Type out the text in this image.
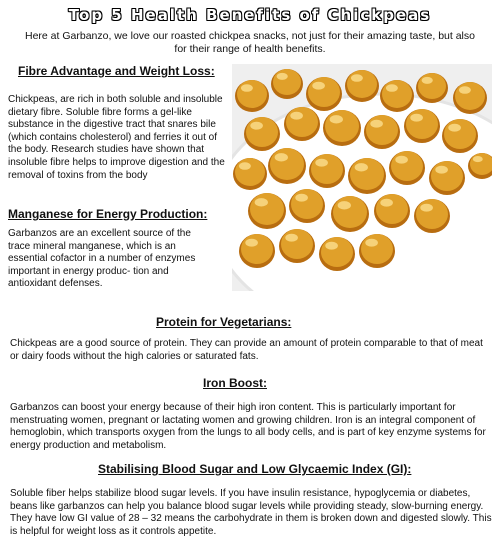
Top 5 Health Benefits of Chickpeas
Here at Garbanzo, we love our roasted chickpea snacks, not just for their amazing taste, but also for their range of health benefits.
Fibre Advantage and Weight Loss:
Chickpeas, are rich in both soluble and insoluble dietary fibre. Soluble fibre forms a gel-like substance in the digestive tract that snares bile (which contains cholesterol) and ferries it out of the body. Research studies have shown that insoluble fibre helps to improve digestion and the removal of toxins from the body
Manganese for Energy Production:
Garbanzos are an excellent source of the trace mineral manganese, which is an essential cofactor in a number of enzymes important in energy produc- tion and antioxidant defenses.
Protein for Vegetarians:
Chickpeas are a good source of protein. They can provide an amount of protein comparable to that of meat or dairy foods without the high calories or saturated fats.
Iron Boost:
Garbanzos can boost your energy because of their high iron content. This is particularly important for menstruating women, pregnant or lactating women and growing children. Iron is an integral component of hemoglobin, which transports oxygen from the lungs to all body cells, and is part of key enzyme systems for energy production and metabolism.
Stabilising Blood Sugar and Low Glycaemic Index (GI):
Soluble fiber helps stabilize blood sugar levels. If you have insulin resistance, hypoglycemia or diabetes, beans like garbanzos can help you balance blood sugar levels while providing steady, slow-burning energy. They have low GI value of 28 – 32 means the carbohydrate in them is broken down and digested slowly. This is helpful for weight loss as it controls appetite.
